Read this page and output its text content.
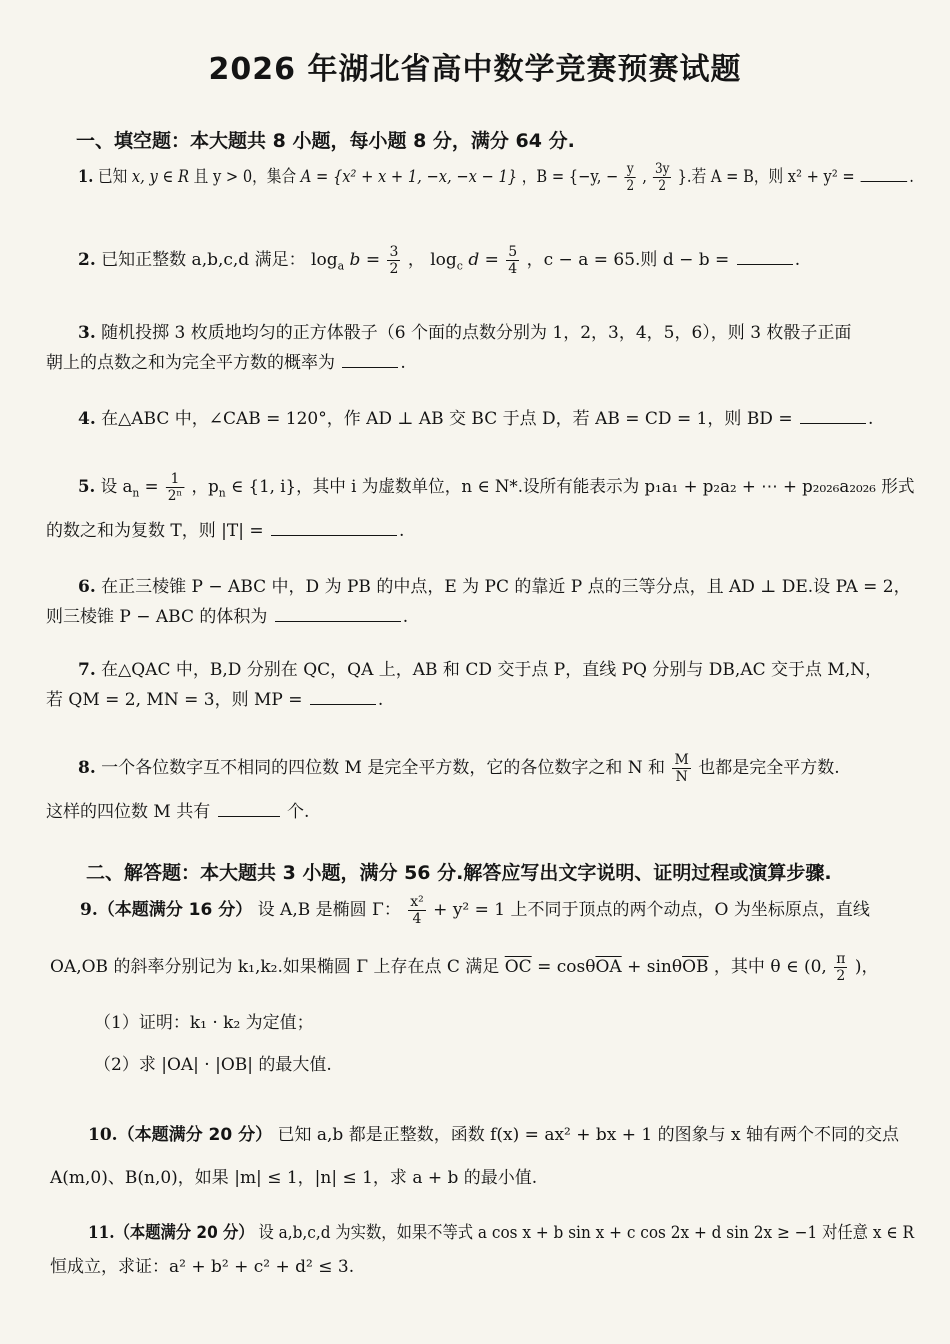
2026 年湖北省高中数学竞赛预赛试题
一、填空题：本大题共 8 小题，每小题 8 分，满分 64 分.
1. 已知 x, y ∈ R 且 y > 0，集合 A = {x² + x + 1, −x, −x − 1} ，B = {−y, − $\frac{y}{2}$ , $\frac{3y}{2}$ }.若 A = B，则 x² + y² =	.
2. 已知正整数 a,b,c,d 满足： $\log_a b = \frac{3}{2}$ ， $\log_c d = \frac{5}{4}$ ，c − a = 65.则 d − b =	.
3. 随机投掷 3 枚质地均匀的正方体骰子（6 个面的点数分别为 1，2，3，4，5，6），则 3 枚骰子正面
朝上的点数之和为完全平方数的概率为	.
4. 在△ABC 中，∠CAB = 120°，作 AD ⊥ AB 交 BC 于点 D，若 AB = CD = 1，则 BD =	.
5. 设 $a_n = \frac{1}{\text{2ⁿ}}$ ，$p_n$ ∈ {1, i}，其中 i 为虚数单位，n ∈ N*.设所有能表示为 p₁a₁ + p₂a₂ + ⋯ + p₂₀₂₆a₂₀₂₆ 形式
的数之和为复数 T，则 |T| =	.
6. 在正三棱锥 P − ABC 中，D 为 PB 的中点，E 为 PC 的靠近 P 点的三等分点，且 AD ⊥ DE.设 PA = 2，
则三棱锥 P − ABC 的体积为	.
7. 在△QAC 中，B,D 分别在 QC，QA 上，AB 和 CD 交于点 P，直线 PQ 分别与 DB,AC 交于点 M,N，
若 QM = 2, MN = 3，则 MP =	.
8. 一个各位数字互不相同的四位数 M 是完全平方数，它的各位数字之和 N 和 $\frac{M}{N}$ 也都是完全平方数.
这样的四位数 M 共有	个.
二、解答题：本大题共 3 小题，满分 56 分.解答应写出文字说明、证明过程或演算步骤.
9.（本题满分 16 分） 设 A,B 是椭圆 Γ： $\frac{\text{x²}}{4} + y^2 = 1$ 上不同于顶点的两个动点，O 为坐标原点，直线
OA,OB 的斜率分别记为 k₁,k₂.如果椭圆 Γ 上存在点 C 满足 $\overline{OC} = \cos\theta\overline{OA} + \sin\theta\overline{OB}$ ，其中 θ ∈ (0, $\frac{\pi}{2}$ )，
（1）证明：k₁ · k₂ 为定值；
（2）求 |OA| · |OB| 的最大值.
10.（本题满分 20 分） 已知 a,b 都是正整数，函数 f(x) = ax² + bx + 1 的图象与 x 轴有两个不同的交点
A(m,0)、B(n,0)，如果 |m| ≤ 1，|n| ≤ 1，求 a + b 的最小值.
11.（本题满分 20 分） 设 a,b,c,d 为实数，如果不等式 a cos x + b sin x + c cos 2x + d sin 2x ≥ −1 对任意 x ∈ R
恒成立，求证：a² + b² + c² + d² ≤ 3.
